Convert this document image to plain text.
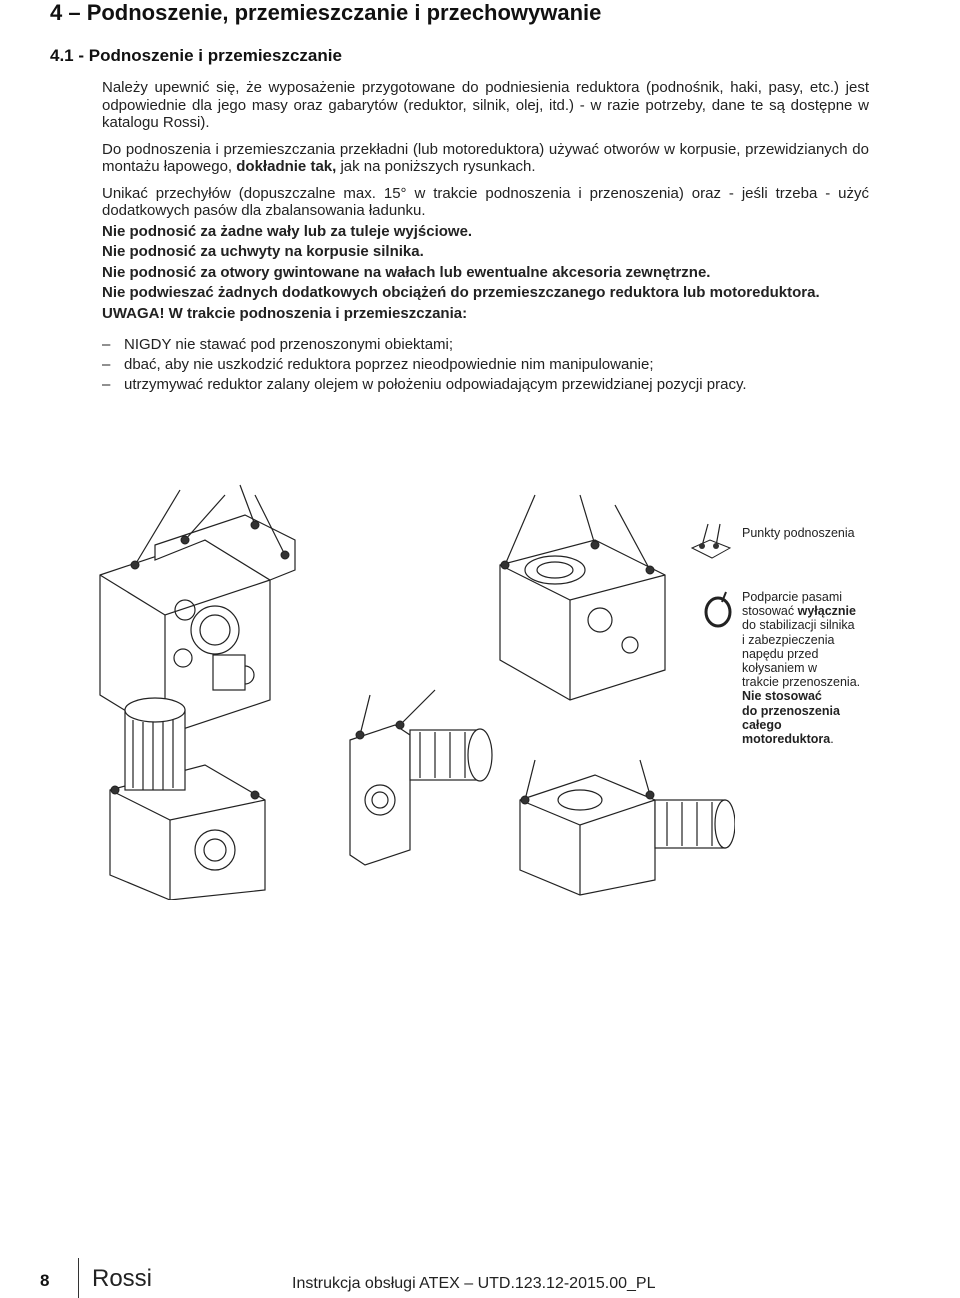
4 – Podnoszenie, przemieszczanie i przechowywanie
4.1 - Podnoszenie i przemieszczanie

Należy upewnić się, że wyposażenie przygotowane do podniesienia reduktora (podnośnik, haki, pasy, etc.) jest odpowiednie dla jego masy oraz gabarytów (reduktor, silnik, olej, itd.) - w razie potrzeby, dane te są dostępne w katalogu Rossi).

Do podnoszenia i przemieszczania przekładni (lub motoreduktora) używać otworów w korpusie, przewidzianych do montażu łapowego, dokładnie tak, jak na poniższych rysunkach.

Unikać przechyłów (dopuszczalne max. 15° w trakcie podnoszenia i przenoszenia) oraz - jeśli trzeba - użyć dodatkowych pasów dla zbalansowania ładunku.

Nie podnosić za żadne wały lub za tuleje wyjściowe.

Nie podnosić za uchwyty na korpusie silnika.

Nie podnosić za otwory gwintowane na wałach lub ewentualne akcesoria zewnętrzne.

Nie podwieszać żadnych dodatkowych obciążeń do przemieszczanego reduktora lub motoreduktora.

UWAGA! W trakcie podnoszenia i przemieszczania:

– NIGDY nie stawać pod przenoszonymi obiektami;
– dbać, aby nie uszkodzić reduktora poprzez nieodpowiednie nim manipulowanie;
– utrzymywać reduktor zalany olejem w położeniu odpowiadającym przewidzianej pozycji pracy.
Punkty podnoszenia
Podparcie pasami
stosować wyłącznie
do stabilizacji silnika
i zabezpieczenia
napędu przed
kołysaniem w
trakcie przenoszenia.
Nie stosować
do przenoszenia
całego
motoreduktora.
8 Rossi	Instrukcja obsługi ATEX – UTD.123.12-2015.00_PL
